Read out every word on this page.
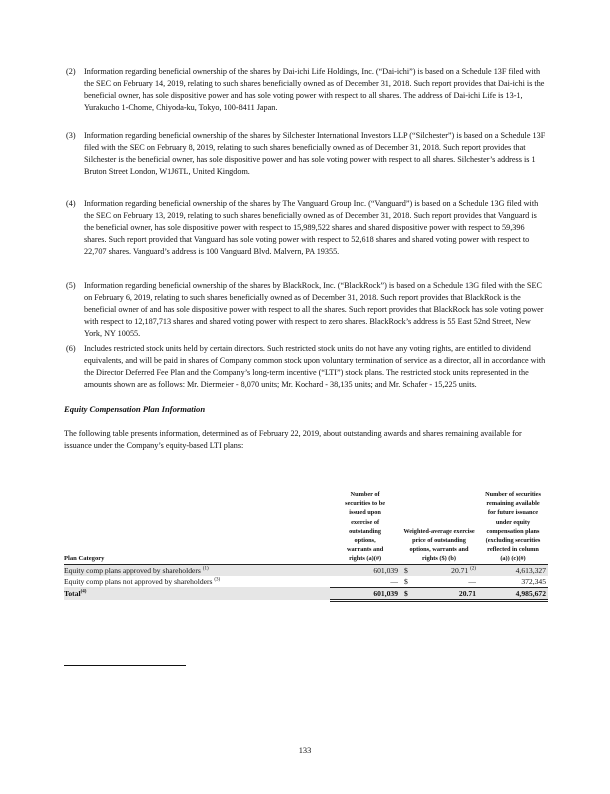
(2) Information regarding beneficial ownership of the shares by Dai-ichi Life Holdings, Inc. (“Dai-ichi”) is based on a Schedule 13F filed with the SEC on February 14, 2019, relating to such shares beneficially owned as of December 31, 2018. Such report provides that Dai-ichi is the beneficial owner, has sole dispositive power and has sole voting power with respect to all shares. The address of Dai-ichi Life is 13-1, Yurakucho 1-Chome, Chiyoda-ku, Tokyo, 100-8411 Japan.
(3) Information regarding beneficial ownership of the shares by Silchester International Investors LLP (“Silchester”) is based on a Schedule 13F filed with the SEC on February 8, 2019, relating to such shares beneficially owned as of December 31, 2018. Such report provides that Silchester is the beneficial owner, has sole dispositive power and has sole voting power with respect to all shares. Silchester’s address is 1 Bruton Street London, W1J6TL, United Kingdom.
(4) Information regarding beneficial ownership of the shares by The Vanguard Group Inc. (“Vanguard”) is based on a Schedule 13G filed with the SEC on February 13, 2019, relating to such shares beneficially owned as of December 31, 2018. Such report provides that Vanguard is the beneficial owner, has sole dispositive power with respect to 15,989,522 shares and shared dispositive power with respect to 59,396 shares. Such report provided that Vanguard has sole voting power with respect to 52,618 shares and shared voting power with respect to 22,707 shares. Vanguard’s address is 100 Vanguard Blvd. Malvern, PA 19355.
(5) Information regarding beneficial ownership of the shares by BlackRock, Inc. (“BlackRock”) is based on a Schedule 13G filed with the SEC on February 6, 2019, relating to such shares beneficially owned as of December 31, 2018. Such report provides that BlackRock is the beneficial owner of and has sole dispositive power with respect to all the shares. Such report provides that BlackRock has sole voting power with respect to 12,187,713 shares and shared voting power with respect to zero shares. BlackRock’s address is 55 East 52nd Street, New York, NY 10055.
(6) Includes restricted stock units held by certain directors. Such restricted stock units do not have any voting rights, are entitled to dividend equivalents, and will be paid in shares of Company common stock upon voluntary termination of service as a director, all in accordance with the Director Deferred Fee Plan and the Company’s long-term incentive (“LTI”) stock plans. The restricted stock units represented in the amounts shown are as follows: Mr. Diermeier - 8,070 units; Mr. Kochard - 38,135 units; and Mr. Schafer - 15,225 units.
Equity Compensation Plan Information
The following table presents information, determined as of February 22, 2019, about outstanding awards and shares remaining available for issuance under the Company’s equity-based LTI plans:
Plan Category	Number of securities to be issued upon exercise of outstanding options, warrants and rights (a)(#)	Weighted-average exercise price of outstanding options, warrants and rights ($) (b)		Number of securities remaining available for future issuance under equity compensation plans (excluding securities reflected in column (a)) (c)(#)

Equity comp plans approved by shareholders $^{(1)}$	601,039	$	20.71 $^{(2)}$	4,613,327
Equity comp plans not approved by shareholders $^{(3)}$	—	$	—	372,345
Total$^{(4)}$	601,039	$	20.71	4,985,672
133
